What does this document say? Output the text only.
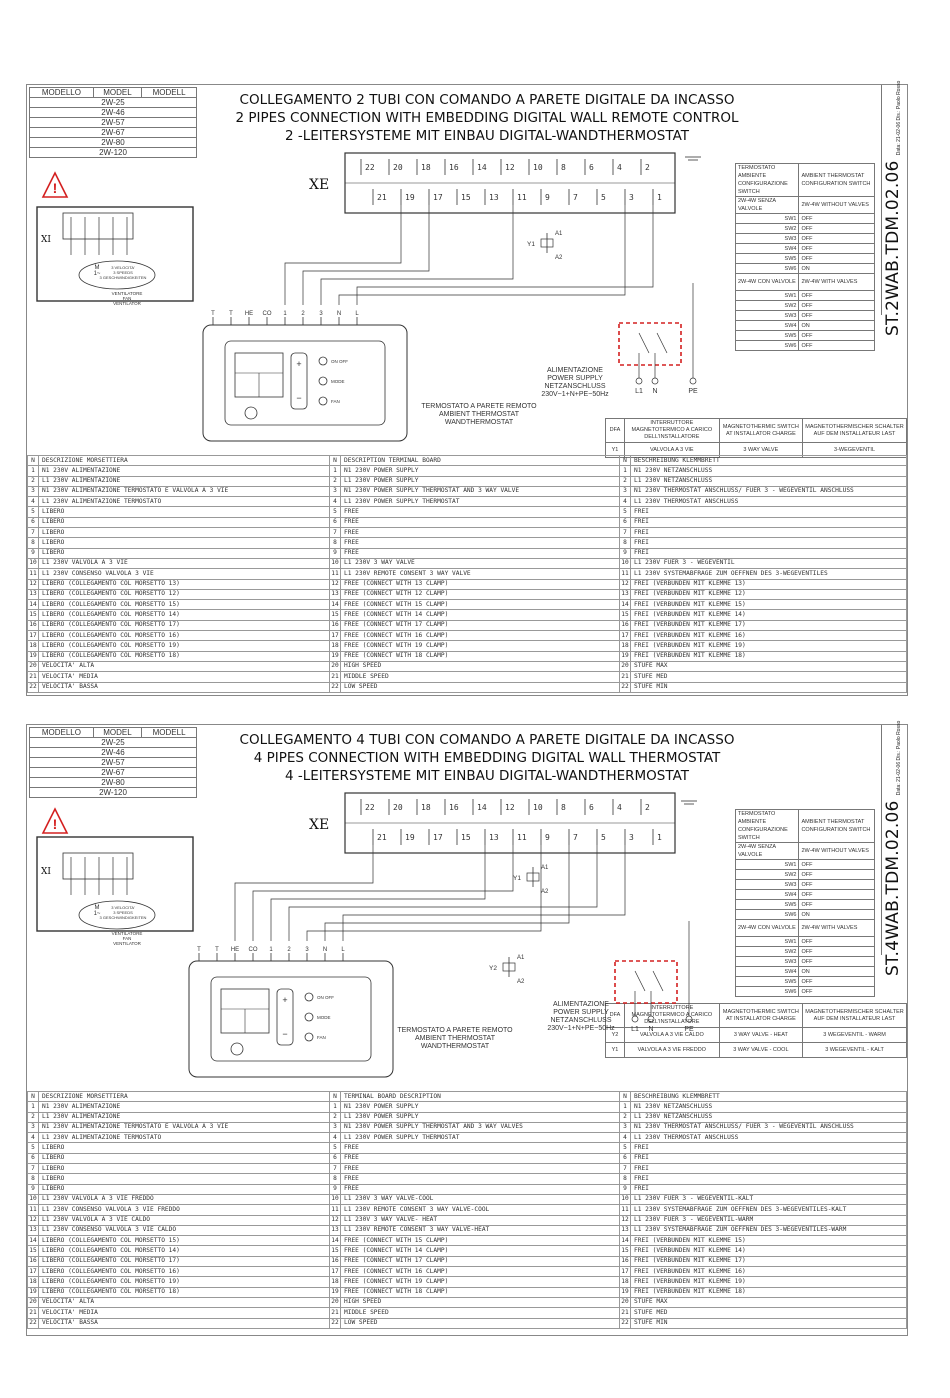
COLLEGAMENTO 2 TUBI CON COMANDO A PARETE DIGITALE DA INCASSO
2 PIPES CONNECTION WITH EMBEDDING DIGITAL WALL REMOTE CONTROL
2 -LEITERSYSTEME MIT EINBAU DIGITAL-WANDTHERMOSTAT
MODELLO	MODEL	MODELL
2W-25
2W-46
2W-57
2W-67
2W-80
2W-120
ST.2WAB.TDM.02.06
Data: 21-02-06 Dis.: Paolo Rosso
TERMOSTATO AMBIENTE CONFIGURAZIONE SWITCH	AMBIENT THERMOSTAT CONFIGURATION SWITCH
2W-4W SENZA VALVOLE	2W-4W WITHOUT VALVES
SW1	OFF
SW2	OFF
SW3	OFF
SW4	OFF
SW5	OFF
SW6	ON
2W-4W CON VALVOLE	2W-4W WITH VALVES
SW1	OFF
SW2	OFF
SW3	OFF
SW4	ON
SW5	OFF
SW6	OFF
DFA	INTERRUTTORE MAGNETOTERMICO A CARICO DELL'INSTALLATORE	MAGNETOTHERMIC SWITCH AT INSTALLATOR CHARGE	MAGNETOTHERMISCHER SCHALTER AUF DEM INSTALLATEUR LAST
Y1	VALVOLA A 3 VIE	3 WAY VALVE	3-WEGEVENTIL
N	DESCRIZIONE MORSETTIERA	N	DESCRIPTION TERMINAL BOARD	N	BESCHREIBUNG KLEMMBRETT
1	N1 230V ALIMENTAZIONE	1	N1 230V POWER SUPPLY	1	N1 230V NETZANSCHLUSS
2	L1 230V ALIMENTAZIONE	2	L1 230V POWER SUPPLY	2	L1 230V NETZANSCHLUSS
3	N1 230V ALIMENTAZIONE TERMOSTATO E VALVOLA A 3 VIE	3	N1 230V POWER SUPPLY THERMOSTAT AND 3 WAY VALVE	3	N1 230V THERMOSTAT ANSCHLUSS/ FUER 3 - WEGEVENTIL ANSCHLUSS
4	L1 230V ALIMENTAZIONE TERMOSTATO	4	L1 230V POWER SUPPLY THERMOSTAT	4	L1 230V THERMOSTAT ANSCHLUSS
5	LIBERO	5	FREE	5	FREI
6	LIBERO	6	FREE	6	FREI
7	LIBERO	7	FREE	7	FREI
8	LIBERO	8	FREE	8	FREI
9	LIBERO	9	FREE	9	FREI
10	L1 230V VALVOLA A 3 VIE	10	L1 230V 3 WAY VALVE	10	L1 230V FUER 3 - WEGEVENTIL
11	L1 230V CONSENSO VALVOLA 3 VIE	11	L1 230V REMOTE CONSENT 3 WAY VALVE	11	L1 230V SYSTEMABFRAGE ZUM OEFFNEN DES 3-WEGEVENTILES
12	LIBERO (COLLEGAMENTO COL MORSETTO 13)	12	FREE (CONNECT WITH 13 CLAMP)	12	FREI (VERBUNDEN MIT KLEMME 13)
13	LIBERO (COLLEGAMENTO COL MORSETTO 12)	13	FREE (CONNECT WITH 12 CLAMP)	13	FREI (VERBUNDEN MIT KLEMME 12)
14	LIBERO (COLLEGAMENTO COL MORSETTO 15)	14	FREE (CONNECT WITH 15 CLAMP)	14	FREI (VERBUNDEN MIT KLEMME 15)
15	LIBERO (COLLEGAMENTO COL MORSETTO 14)	15	FREE (CONNECT WITH 14 CLAMP)	15	FREI (VERBUNDEN MIT KLEMME 14)
16	LIBERO (COLLEGAMENTO COL MORSETTO 17)	16	FREE (CONNECT WITH 17 CLAMP)	16	FREI (VERBUNDEN MIT KLEMME 17)
17	LIBERO (COLLEGAMENTO COL MORSETTO 16)	17	FREE (CONNECT WITH 16 CLAMP)	17	FREI (VERBUNDEN MIT KLEMME 16)
18	LIBERO (COLLEGAMENTO COL MORSETTO 19)	18	FREE (CONNECT WITH 19 CLAMP)	18	FREI (VERBUNDEN MIT KLEMME 19)
19	LIBERO (COLLEGAMENTO COL MORSETTO 18)	19	FREE (CONNECT WITH 18 CLAMP)	19	FREI (VERBUNDEN MIT KLEMME 18)
20	VELOCITA' ALTA	20	HIGH SPEED	20	STUFE MAX
21	VELOCITA' MEDIA	21	MIDDLE SPEED	21	STUFE MED
22	VELOCITA' BASSA	22	LOW SPEED	22	STUFE MIN
22 20 18 16 14 12 10 8	6	4	2
21 19 17 15 13 11 9	7	5	3	1
M
1~
3 VELOCITA'
3 SPEEDS
3 GESCHWINDIGKEITEN
VENTILATORE
FAN
VENTILATOR
!
+
−
ON OFF
MODE
FAN
T T HE CO 1 2 3 N L
Y1
A1
A2
L1 N	PE
XE
XI
TERMOSTATO A PARETE REMOTO
AMBIENT THERMOSTAT
WANDTHERMOSTAT
ALIMENTAZIONE
POWER SUPPLY
NETZANSCHLUSS
230V~1+N+PE~50Hz
COLLEGAMENTO 4 TUBI CON COMANDO A PARETE DIGITALE DA INCASSO
4 PIPES CONNECTION WITH EMBEDDING DIGITAL WALL THERMOSTAT
4 -LEITERSYSTEME MIT EINBAU DIGITAL-WANDTHERMOSTAT
MODELLO	MODEL	MODELL
2W-25
2W-46
2W-57
2W-67
2W-80
2W-120
ST.4WAB.TDM.02.06
Data: 21-02-06 Dis.: Paolo Rosso
TERMOSTATO AMBIENTE CONFIGURAZIONE SWITCH	AMBIENT THERMOSTAT CONFIGURATION SWITCH
2W-4W SENZA VALVOLE	2W-4W WITHOUT VALVES
SW1	OFF
SW2	OFF
SW3	OFF
SW4	OFF
SW5	OFF
SW6	ON
2W-4W CON VALVOLE	2W-4W WITH VALVES
SW1	OFF
SW2	OFF
SW3	OFF
SW4	ON
SW5	OFF
SW6	OFF
DFA	INTERRUTTORE MAGNETOTERMICO A CARICO DELL'INSTALLATORE	MAGNETOTHERMIC SWITCH AT INSTALLATOR CHARGE	MAGNETOTHERMISCHER SCHALTER AUF DEM INSTALLATEUR LAST
Y2	VALVOLA A 3 VIE CALDO	3 WAY VALVE - HEAT	3 WEGEVENTIL - WARM
Y1	VALVOLA A 3 VIE FREDDO	3 WAY VALVE - COOL	3 WEGEVENTIL - KALT
N	DESCRIZIONE MORSETTIERA	N	TERMINAL BOARD DESCRIPTION	N	BESCHREIBUNG KLEMMBRETT
1	N1 230V ALIMENTAZIONE	1	N1 230V POWER SUPPLY	1	N1 230V NETZANSCHLUSS
2	L1 230V ALIMENTAZIONE	2	L1 230V POWER SUPPLY	2	L1 230V NETZANSCHLUSS
3	N1 230V ALIMENTAZIONE TERMOSTATO E VALVOLA A 3 VIE	3	N1 230V POWER SUPPLY THERMOSTAT AND 3 WAY VALVES	3	N1 230V THERMOSTAT ANSCHLUSS/ FUER 3 - WEGEVENTIL ANSCHLUSS
4	L1 230V ALIMENTAZIONE TERMOSTATO	4	L1 230V POWER SUPPLY THERMOSTAT	4	L1 230V THERMOSTAT ANSCHLUSS
5	LIBERO	5	FREE	5	FREI
6	LIBERO	6	FREE	6	FREI
7	LIBERO	7	FREE	7	FREI
8	LIBERO	8	FREE	8	FREI
9	LIBERO	9	FREE	9	FREI
10	L1 230V VALVOLA A 3 VIE FREDDO	10	L1 230V 3 WAY VALVE-COOL	10	L1 230V FUER 3 - WEGEVENTIL-KALT
11	L1 230V CONSENSO VALVOLA 3 VIE FREDDO	11	L1 230V REMOTE CONSENT 3 WAY VALVE-COOL	11	L1 230V SYSTEMABFRAGE ZUM OEFFNEN DES 3-WEGEVENTILES-KALT
12	L1 230V VALVOLA A 3 VIE CALDO	12	L1 230V 3 WAY VALVE- HEAT	12	L1 230V FUER 3 - WEGEVENTIL-WARM
13	L1 230V CONSENSO VALVOLA 3 VIE CALDO	13	L1 230V REMOTE CONSENT 3 WAY VALVE-HEAT	13	L1 230V SYSTEMABFRAGE ZUM OEFFNEN DES 3-WEGEVENTILES-WARM
14	LIBERO (COLLEGAMENTO COL MORSETTO 15)	14	FREE (CONNECT WITH 15 CLAMP)	14	FREI (VERBUNDEN MIT KLEMME 15)
15	LIBERO (COLLEGAMENTO COL MORSETTO 14)	15	FREE (CONNECT WITH 14 CLAMP)	15	FREI (VERBUNDEN MIT KLEMME 14)
16	LIBERO (COLLEGAMENTO COL MORSETTO 17)	16	FREE (CONNECT WITH 17 CLAMP)	16	FREI (VERBUNDEN MIT KLEMME 17)
17	LIBERO (COLLEGAMENTO COL MORSETTO 16)	17	FREE (CONNECT WITH 16 CLAMP)	17	FREI (VERBUNDEN MIT KLEMME 16)
18	LIBERO (COLLEGAMENTO COL MORSETTO 19)	18	FREE (CONNECT WITH 19 CLAMP)	18	FREI (VERBUNDEN MIT KLEMME 19)
19	LIBERO (COLLEGAMENTO COL MORSETTO 18)	19	FREE (CONNECT WITH 18 CLAMP)	19	FREI (VERBUNDEN MIT KLEMME 18)
20	VELOCITA' ALTA	20	HIGH SPEED	20	STUFE MAX
21	VELOCITA' MEDIA	21	MIDDLE SPEED	21	STUFE MED
22	VELOCITA' BASSA	22	LOW SPEED	22	STUFE MIN
22 20 18 16 14 12 10 8	6	4	2
21 19 17 15 13 11 9	7	5	3	1
M
1~
3 VELOCITA'
3 SPEEDS
3 GESCHWINDIGKEITEN
VENTILATORE
FAN
VENTILATOR
!
+
−
ON OFF
MODE
FAN
T T HE CO 1 2 3 N L
Y1
A1
A2
Y2
A1
A2
L1 N	PE
XE
XI
TERMOSTATO A PARETE REMOTO
AMBIENT THERMOSTAT
WANDTHERMOSTAT
ALIMENTAZIONE
POWER SUPPLY
NETZANSCHLUSS
230V~1+N+PE~50Hz
